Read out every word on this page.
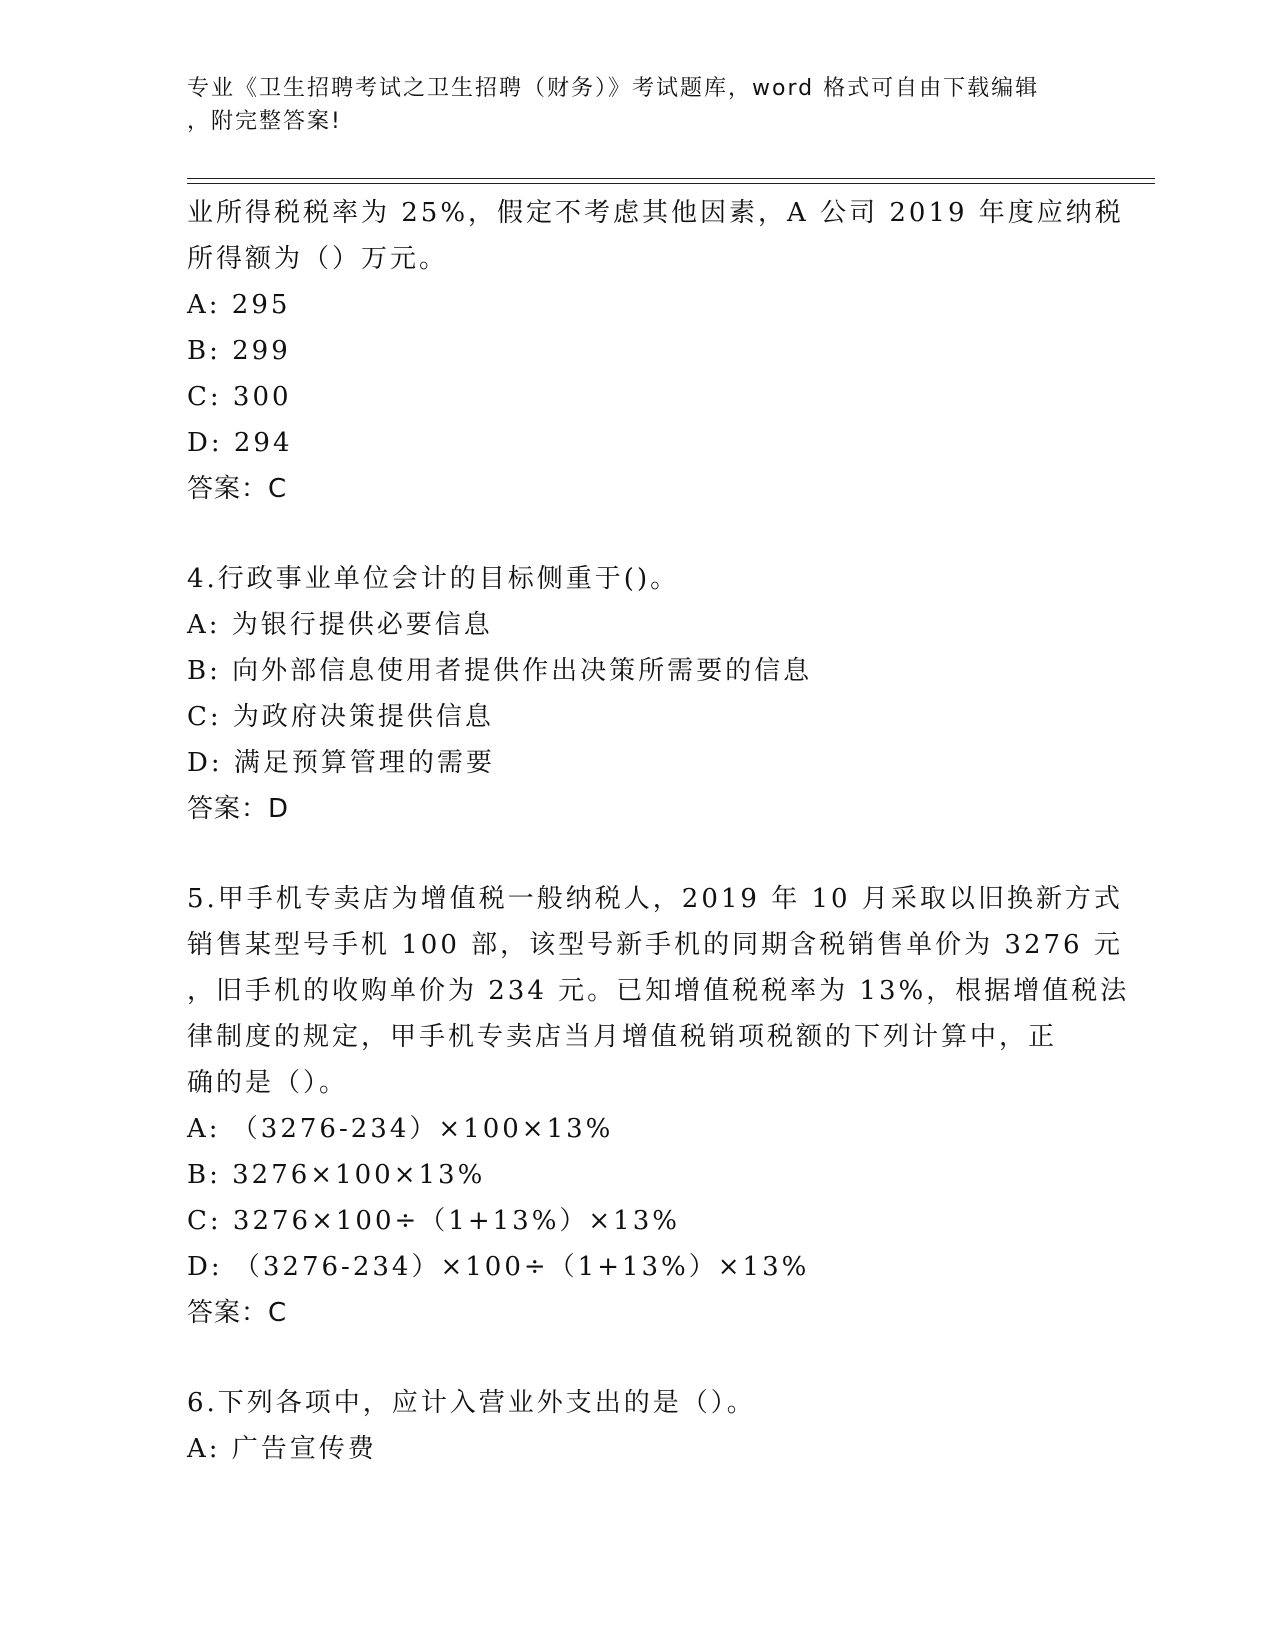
专业《卫生招聘考试之卫生招聘（财务）》考试题库，word 格式可自由下载编辑
，附完整答案!
业所得税税率为 25%，假定不考虑其他因素，A 公司 2019 年度应纳税
所得额为（）万元。
A: 295
B: 299
C: 300
D: 294
答案：C
4.行政事业单位会计的目标侧重于()。
A: 为银行提供必要信息
B: 向外部信息使用者提供作出决策所需要的信息
C: 为政府决策提供信息
D: 满足预算管理的需要
答案：D
5.甲手机专卖店为增值税一般纳税人，2019 年 10 月采取以旧换新方式
销售某型号手机 100 部，该型号新手机的同期含税销售单价为 3276 元
，旧手机的收购单价为 234 元。已知增值税税率为 13%，根据增值税法
律制度的规定，甲手机专卖店当月增值税销项税额的下列计算中，正
确的是（）。
A: （3276-234）×100×13%
B: 3276×100×13%
C: 3276×100÷（1+13%）×13%
D: （3276-234）×100÷（1+13%）×13%
答案：C
6.下列各项中，应计入营业外支出的是（）。
A: 广告宣传费
